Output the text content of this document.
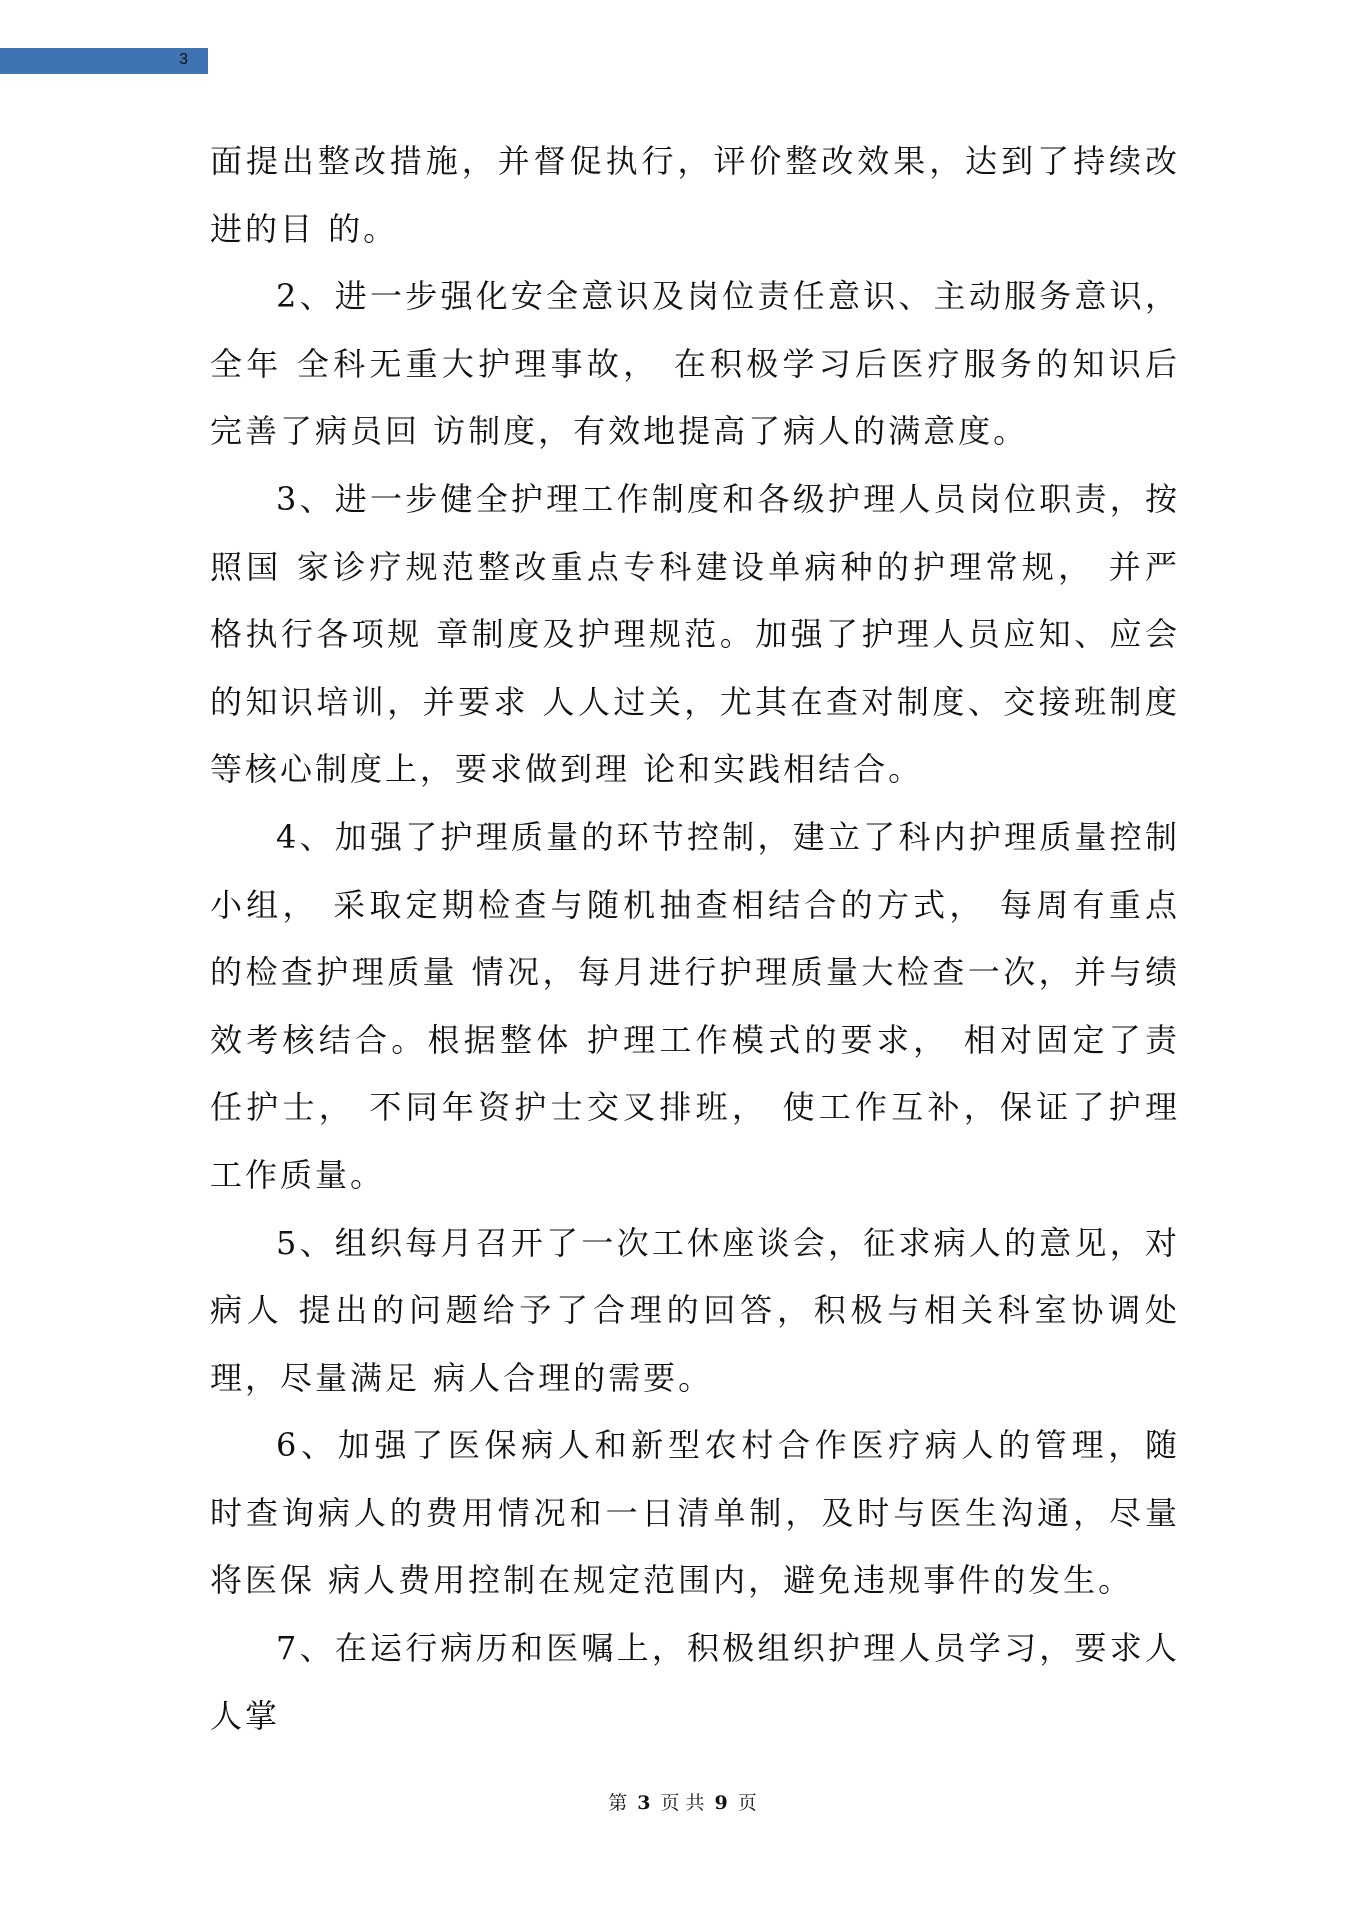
3

面提出整改措施，并督促执行，评价整改效果，达到了持续改进的目 的。

2、进一步强化安全意识及岗位责任意识、主动服务意识，全年 全科无重大护理事故， 在积极学习后医疗服务的知识后完善了病员回 访制度，有效地提高了病人的满意度。

3、进一步健全护理工作制度和各级护理人员岗位职责，按照国 家诊疗规范整改重点专科建设单病种的护理常规， 并严格执行各项规 章制度及护理规范。加强了护理人员应知、应会的知识培训，并要求 人人过关，尤其在查对制度、交接班制度等核心制度上，要求做到理 论和实践相结合。

4、加强了护理质量的环节控制，建立了科内护理质量控制小组， 采取定期检查与随机抽查相结合的方式， 每周有重点的检查护理质量 情况，每月进行护理质量大检查一次，并与绩效考核结合。根据整体 护理工作模式的要求， 相对固定了责任护士， 不同年资护士交叉排班， 使工作互补，保证了护理工作质量。

5、组织每月召开了一次工休座谈会，征求病人的意见，对病人 提出的问题给予了合理的回答，积极与相关科室协调处理，尽量满足 病人合理的需要。

6、加强了医保病人和新型农村合作医疗病人的管理，随 时查询病人的费用情况和一日清单制，及时与医生沟通，尽量将医保 病人费用控制在规定范围内，避免违规事件的发生。

7、在运行病历和医嘱上，积极组织护理人员学习，要求人人掌

第 3 页 共 9 页
